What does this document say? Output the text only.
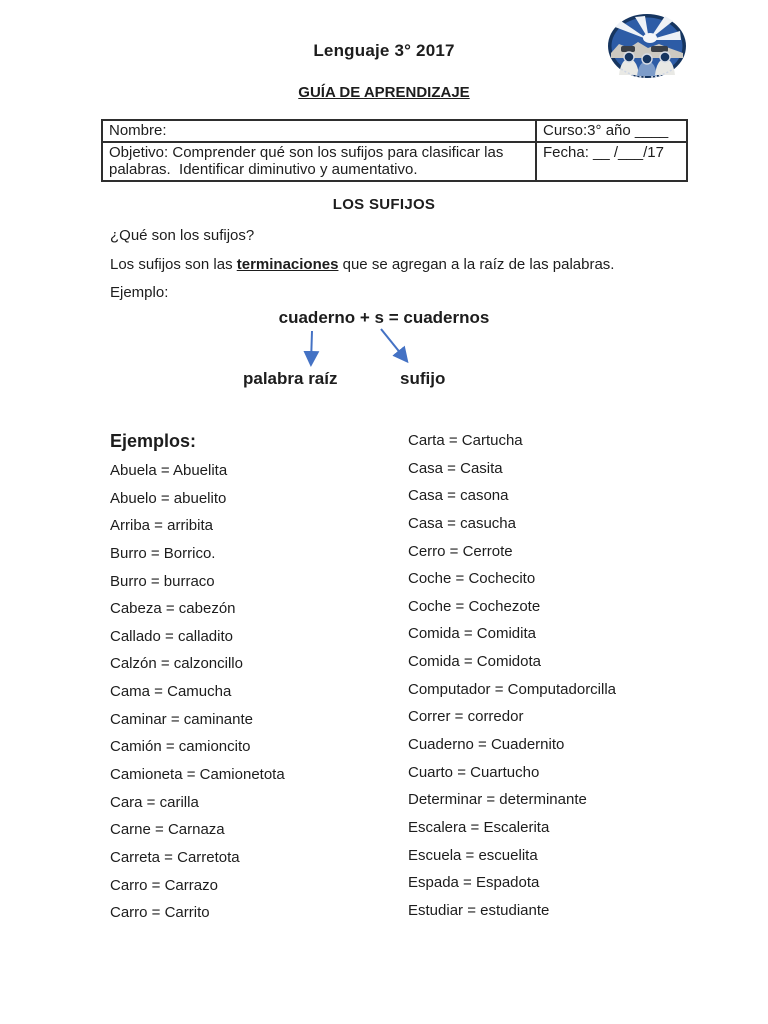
Lenguaje 3° 2017
GUÍA DE APRENDIZAJE
Nombre:	Curso:3° año ____
Objetivo: Comprender qué son los sufijos para clasificar las palabras.  Identificar diminutivo y aumentativo.	Fecha: __ /___/17
LOS SUFIJOS
¿Qué son los sufijos?
Los sufijos son las terminaciones que se agregan a la raíz de las palabras.
Ejemplo:
cuaderno + s = cuadernos
palabra raíz	sufijo
Ejemplos:
Abuela = Abuelita
Abuelo = abuelito
Arriba = arribita
Burro = Borrico.
Burro = burraco
Cabeza = cabezón
Callado = calladito
Calzón = calzoncillo
Cama = Camucha
Caminar = caminante
Camión = camioncito
Camioneta = Camionetota
Cara = carilla
Carne = Carnaza
Carreta = Carretota
Carro = Carrazo
Carro = Carrito
Carta = Cartucha
Casa = Casita
Casa = casona
Casa = casucha
Cerro = Cerrote
Coche = Cochecito
Coche = Cochezote
Comida = Comidita
Comida = Comidota
Computador = Computadorcilla
Correr = corredor
Cuaderno = Cuadernito
Cuarto = Cuartucho
Determinar = determinante
Escalera = Escalerita
Escuela = escuelita
Espada = Espadota
Estudiar = estudiante
